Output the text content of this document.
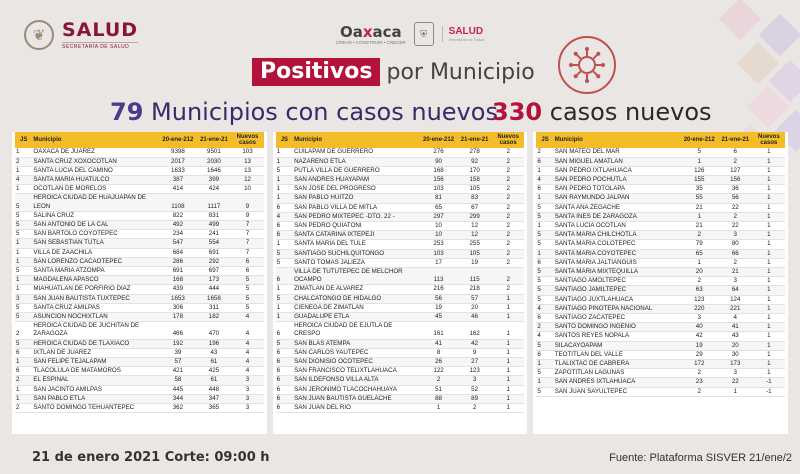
❦ SALUD
SECRETARÍA DE SALUD
Oaxaca
CREAR • CONSTRUIR • CRECER
⛨	SALUD
Secretaría de Salud
Positivos por Municipio
79 Municipios con casos nuevos
330 casos nuevos
JS	Municipio	20-ene-212	21-ene-21	Nuevos casos
1	OAXACA DE JUAREZ	9398	9501	103
2	SANTA CRUZ XOXOCOTLAN	2017	2030	13
1	SANTA LUCIA DEL CAMINO	1633	1646	13
4	SANTA MARIA HUATULCO	387	399	12
1	OCOTLAN DE MORELOS	414	424	10
5	HEROICA CIUDAD DE HUAJUAPAN DE LEON	1108	1117	9
5	SALINA CRUZ	822	831	9
5	SAN ANTONIO DE LA CAL	492	499	7
5	SAN BARTOLO COYOTEPEC	234	241	7
1	SAN SEBASTIAN TUTLA	547	554	7
1	VILLA DE ZAACHILA	684	691	7
1	SAN LORENZO CACAOTEPEC	286	292	6
5	SANTA MARIA ATZOMPA	691	697	6
1	MAGDALENA APASCO	168	173	5
1	MIAHUATLAN DE PORFIRIO DIAZ	439	444	5
3	SAN JUAN BAUTISTA TUXTEPEC	1653	1658	5
5	SANTA CRUZ AMILPAS	306	311	5
5	ASUNCION NOCHIXTLAN	178	182	4
2	HEROICA CIUDAD DE JUCHITAN DE ZARAGOZA	466	470	4
5	HEROICA CIUDAD DE TLAXIACO	192	196	4
6	IXTLAN DE JUAREZ	39	43	4
1	SAN FELIPE TEJALAPAM	57	61	4
6	TLACOLULA DE MATAMOROS	421	425	4
2	EL ESPINAL	58	61	3
1	SAN JACINTO AMILPAS	445	448	3
1	SAN PABLO ETLA	344	347	3
2	SANTO DOMINGO TEHUANTEPEC	362	365	3
JS	Municipio	20-ene-212	21-ene-21	Nuevos casos
1	CUILAPAM DE GUERRERO	276	278	2
1	NAZARENO ETLA	90	92	2
5	PUTLA VILLA DE GUERRERO	168	170	2
1	SAN ANDRES HUAYAPAM	156	158	2
1	SAN JOSE DEL PROGRESO	103	105	2
1	SAN PABLO HUITZO	81	83	2
6	SAN PABLO VILLA DE MITLA	65	67	2
4	SAN PEDRO MIXTEPEC -DTO. 22 -	297	299	2
6	SAN PEDRO QUIATONI	10	12	2
6	SANTA CATARINA IXTEPEJI	10	12	2
1	SANTA MARIA DEL TULE	253	255	2
5	SANTIAGO SUCHILQUITONGO	103	105	2
5	SANTO TOMAS JALIEZA	17	19	2
6	VILLA DE TUTUTEPEC DE MELCHOR OCAMPO	113	115	2
1	ZIMATLAN DE ALVAREZ	216	218	2
5	CHALCATONGO DE HIDALGO	56	57	1
1	CIENEGA DE ZIMATLAN	19	20	1
1	GUADALUPE ETLA	45	46	1
6	HEROICA CIUDAD DE EJUTLA DE CRESPO	161	162	1
5	SAN BLAS ATEMPA	41	42	1
6	SAN CARLOS YAUTEPEC	8	9	1
6	SAN DIONISIO OCOTEPEC	26	27	1
6	SAN FRANCISCO TELIXTLAHUACA	122	123	1
6	SAN ILDEFONSO VILLA ALTA	2	3	1
6	SAN JERONIMO TLACOCHAHUAYA	51	52	1
6	SAN JUAN BAUTISTA GUELACHE	88	89	1
6	SAN JUAN DEL RIO	1	2	1
JS	Municipio	20-ene-212	21-ene-21	Nuevos casos
2	SAN MATEO DEL MAR	5	6	1
6	SAN MIGUEL AMATLAN	1	2	1
1	SAN PEDRO IXTLAHUACA	126	127	1
4	SAN PEDRO POCHUTLA	155	156	1
6	SAN PEDRO TOTOLAPA	35	36	1
1	SAN RAYMUNDO JALPAN	55	56	1
5	SANTA ANA ZEGACHE	21	22	1
5	SANTA INES DE ZARAGOZA	1	2	1
1	SANTA LUCIA OCOTLAN	21	22	1
5	SANTA MARIA CHILCHOTLA	2	3	1
5	SANTA MARIA COLOTEPEC	79	80	1
1	SANTA MARIA COYOTEPEC	65	66	1
6	SANTA MARIA JALTIANGUIS	1	2	1
5	SANTA MARIA MIXTEQUILLA	20	21	1
5	SANTIAGO AMOLTEPEC	2	3	1
5	SANTIAGO JAMILTEPEC	63	64	1
5	SANTIAGO JUXTLAHUACA	123	124	1
4	SANTIAGO PINOTEPA NACIONAL	220	221	1
6	SANTIAGO ZACATEPEC	3	4	1
2	SANTO DOMINGO INGENIO	40	41	1
4	SANTOS REYES NOPALA	42	43	1
5	SILACAYOAPAM	19	20	1
6	TEOTITLAN DEL VALLE	29	30	1
1	TLALIXTAC DE CABRERA	172	173	1
5	ZAPOTITLAN LAGUNAS	2	3	1
1	SAN ANDRES IXTLAHUACA	23	22	-1
5	SAN JUAN SAYULTEPEC	2	1	-1
21 de enero 2021 Corte: 09:00 h	Fuente: Plataforma SISVER 21/ene/2
